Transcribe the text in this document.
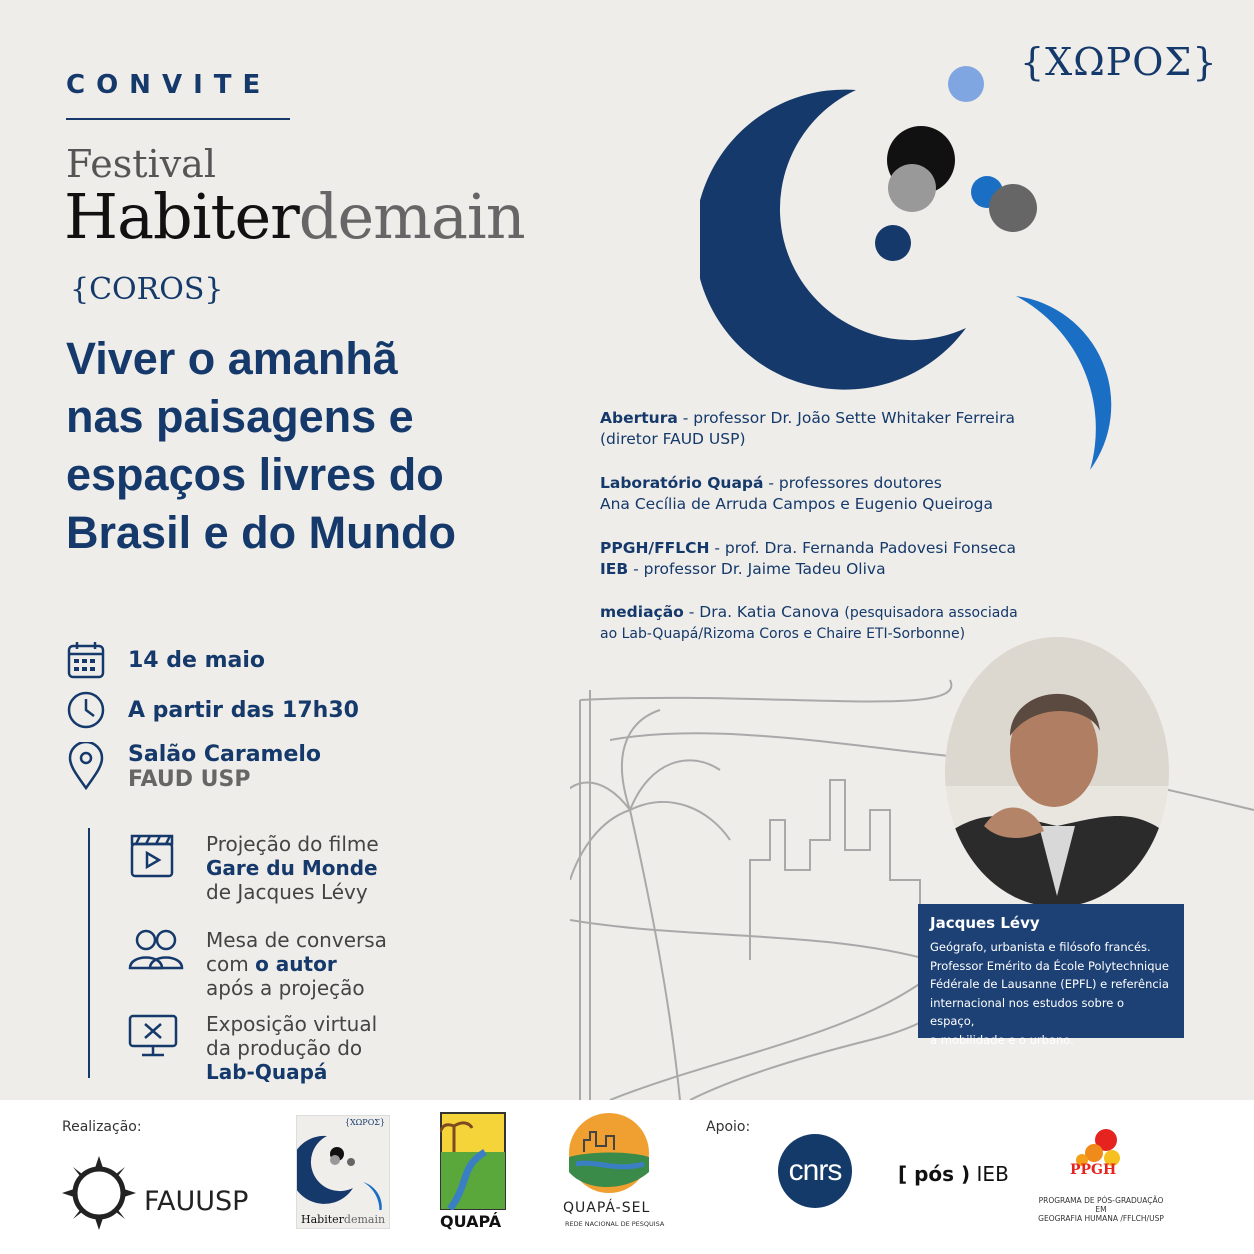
CONVITE
Festival
Habiterdemain
{COROS}
{ΧΩΡΟΣ}
Viver o amanhã
nas paisagens e
espaços livres do
Brasil e do Mundo
Abertura - professor Dr. João Sette Whitaker Ferreira
(diretor FAUD USP)
Laboratório Quapá - professores doutores
Ana Cecília de Arruda Campos e Eugenio Queiroga
PPGH/FFLCH - prof. Dra. Fernanda Padovesi Fonseca
IEB - professor Dr. Jaime Tadeu Oliva
mediação - Dra. Katia Canova (pesquisadora associada
ao Lab-Quapá/Rizoma Coros e Chaire ETI-Sorbonne)
Jacques Lévy
Geógrafo, urbanista e filósofo francés.
Professor Emérito da École Polytechnique
Fédérale de Lausanne (EPFL) e referência
internacional nos estudos sobre o espaço,
a mobilidade e o urbano.
14 de maio
A partir das 17h30
Salão Caramelo
FAUD USP
Projeção do filme
Gare du Monde
de Jacques Lévy
Mesa de conversa
com o autor
após a projeção
Exposição virtual
da produção do
Lab-Quapá
Realização:	Apoio:
FAUUSP
{ΧΩΡΟΣ}
Habiterdemain	QUAPÁ
QUAPÁ-SEL
REDE NACIONAL DE PESQUISA
cnrs	[ pós ) IEB	PPGH
PROGRAMA DE PÓS-GRADUAÇÃO EM
GEOGRAFIA HUMANA /FFLCH/USP
